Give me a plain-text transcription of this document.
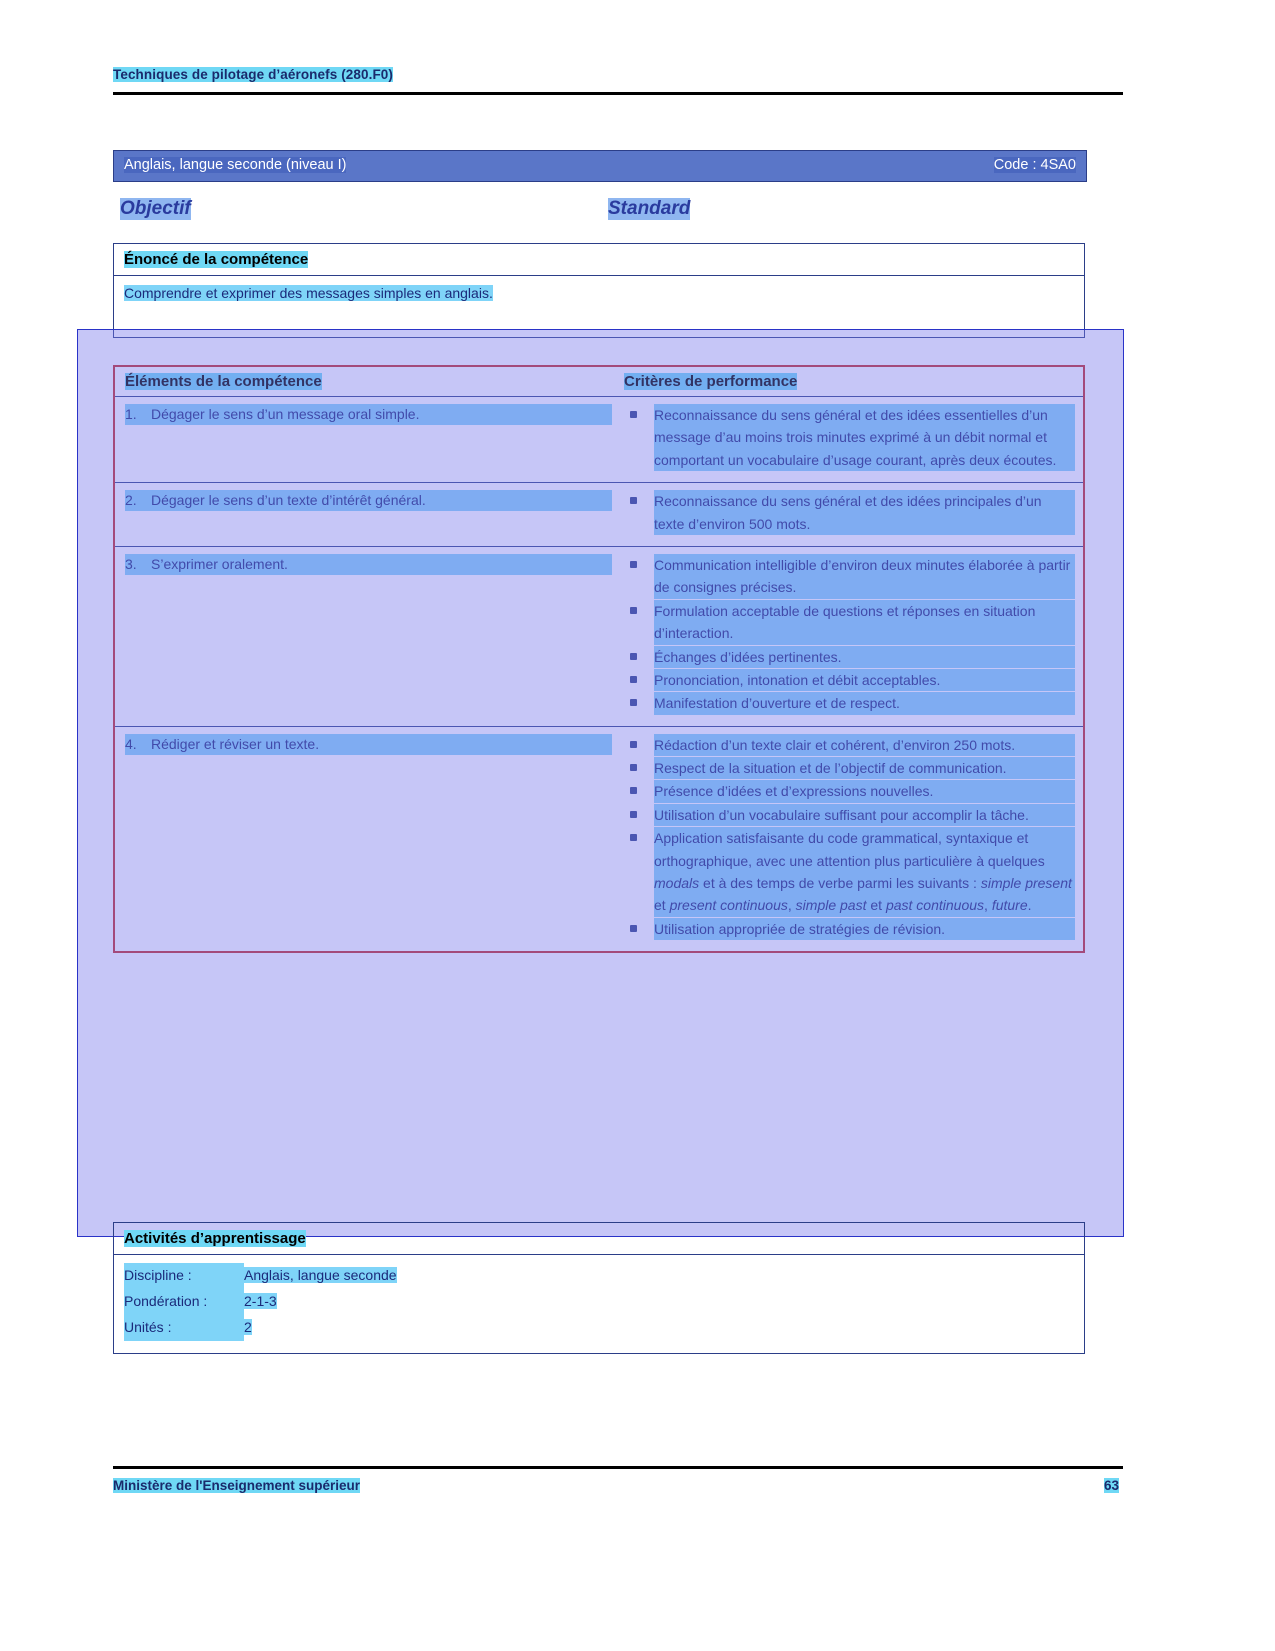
Techniques de pilotage d’aéronefs (280.F0)
Anglais, langue seconde (niveau I)	Code : 4SA0
Objectif	Standard
Énoncé de la compétence
Comprendre et exprimer des messages simples en anglais.
Éléments de la compétence	Critères de performance
1. Dégager le sens d’un message oral simple.	Reconnaissance du sens général et des idées essentielles d’un message d’au moins trois minutes exprimé à un débit normal et comportant un vocabulaire d’usage courant, après deux écoutes.
2. Dégager le sens d’un texte d’intérêt général.	Reconnaissance du sens général et des idées principales d’un texte d’environ 500 mots.
3. S’exprimer oralement.	Communication intelligible d’environ deux minutes élaborée à partir de consignes précises.
Formulation acceptable de questions et réponses en situation d’interaction.
Échanges d’idées pertinentes.
Prononciation, intonation et débit acceptables.
Manifestation d’ouverture et de respect.
4. Rédiger et réviser un texte.	Rédaction d’un texte clair et cohérent, d’environ 250 mots.
Respect de la situation et de l’objectif de communication.
Présence d’idées et d’expressions nouvelles.
Utilisation d’un vocabulaire suffisant pour accomplir la tâche.
Application satisfaisante du code grammatical, syntaxique et orthographique, avec une attention plus particulière à quelques modals et à des temps de verbe parmi les suivants : simple present et present continuous, simple past et past continuous, future.
Utilisation appropriée de stratégies de révision.
Activités d’apprentissage
Discipline :	Anglais, langue seconde
Pondération :	2-1-3
Unités :	2
Ministère de l'Enseignement supérieur	63
